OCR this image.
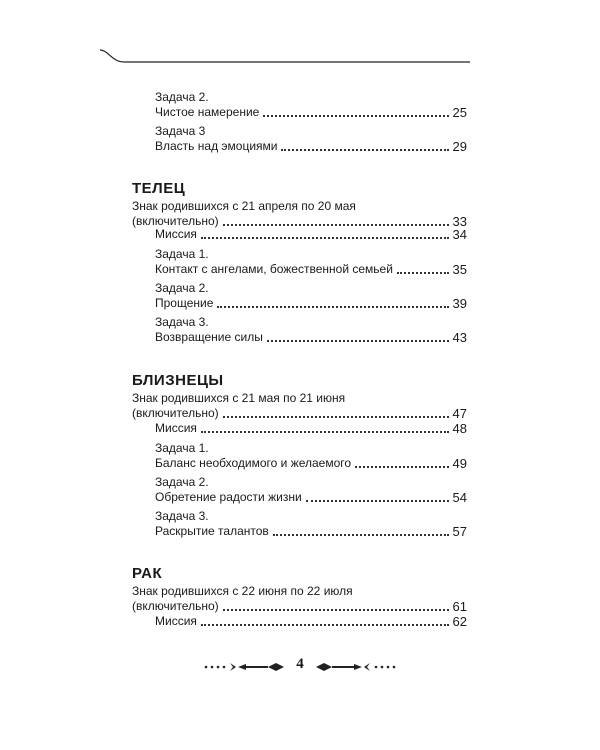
Задача 2.
Чистое намерение	25
Задача 3
Власть над эмоциями	29
ТЕЛЕЦ
Знак родившихся с 21 апреля по 20 мая
(включительно)	33
Миссия	34
Задача 1.
Контакт с ангелами, божественной семьей	35
Задача 2.
Прощение	39
Задача 3.
Возвращение силы	43
БЛИЗНЕЦЫ
Знак родившихся с 21 мая по 21 июня
(включительно)	47
Миссия	48
Задача 1.
Баланс необходимого и желаемого	49
Задача 2.
Обретение радости жизни	54
Задача 3.
Раскрытие талантов	57
РАК
Знак родившихся с 22 июня по 22 июля
(включительно)	61
Миссия	62
4
